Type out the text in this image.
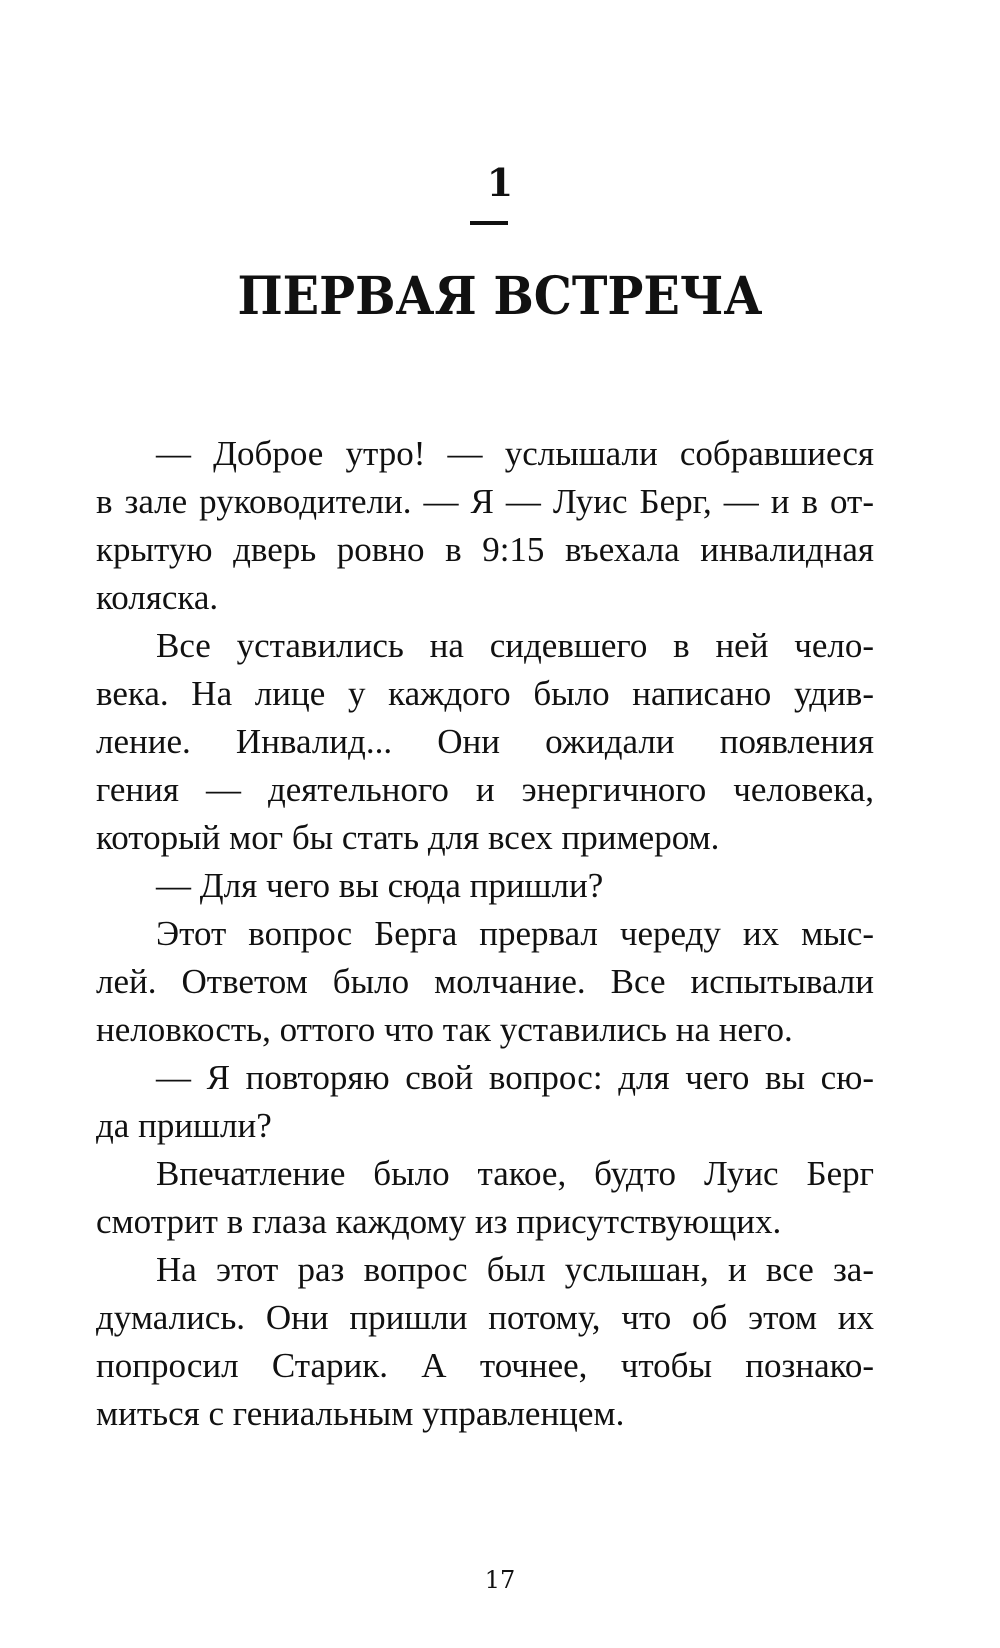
1
ПЕРВАЯ ВСТРЕЧА
— Доброе утро! — услышали собравшиеся
в зале руководители. — Я — Луис Берг, — и в от-
крытую дверь ровно в 9:15 въехала инвалидная
коляска.
Все уставились на сидевшего в ней чело-
века. На лице у каждого было написано удив-
ление. Инвалид... Они ожидали появления
гения — деятельного и энергичного человека,
который мог бы стать для всех примером.
— Для чего вы сюда пришли?
Этот вопрос Берга прервал череду их мыс-
лей. Ответом было молчание. Все испытывали
неловкость, оттого что так уставились на него.
— Я повторяю свой вопрос: для чего вы сю-
да пришли?
Впечатление было такое, будто Луис Берг
смотрит в глаза каждому из присутствующих.
На этот раз вопрос был услышан, и все за-
думались. Они пришли потому, что об этом их
попросил Старик. А точнее, чтобы познако-
миться с гениальным управленцем.
17
